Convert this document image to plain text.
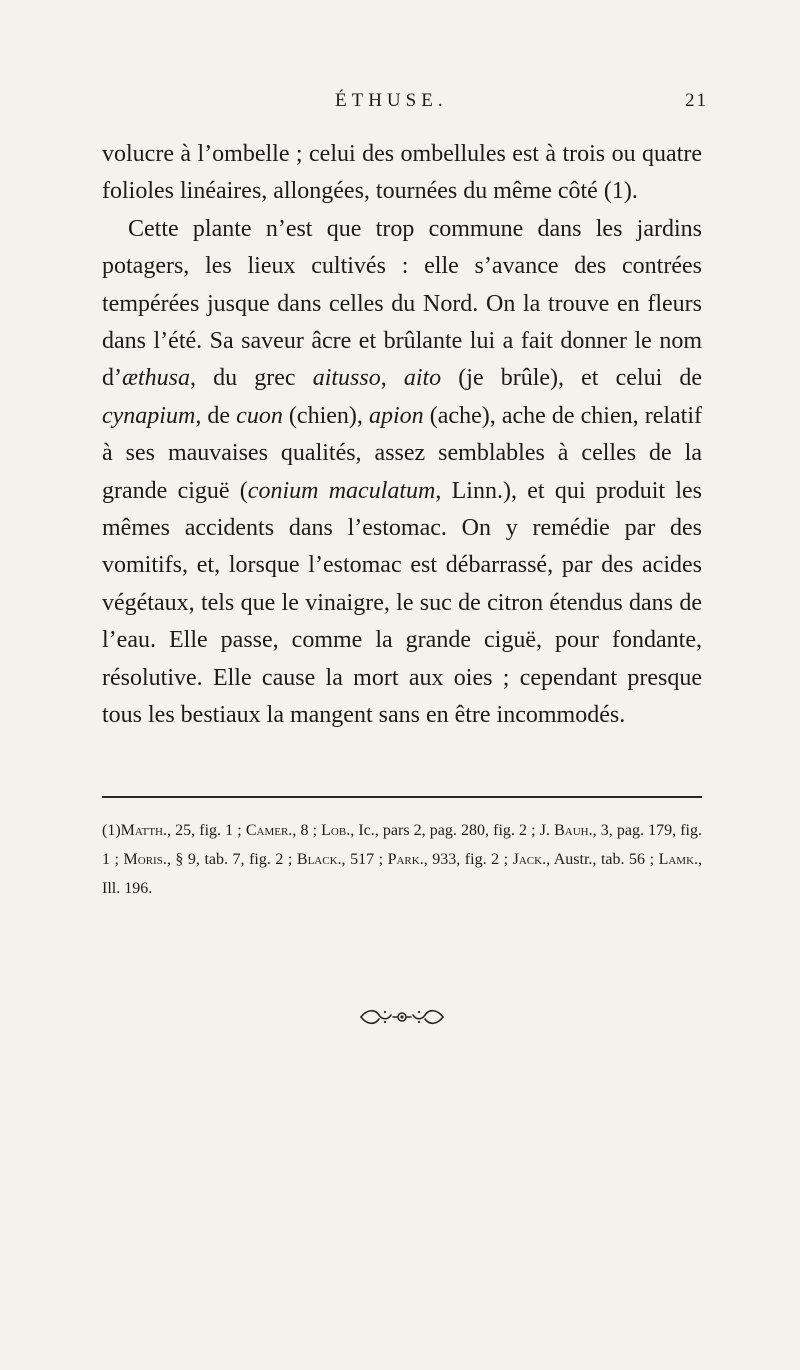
ÉTHUSE.	21

volucre à l’ombelle ; celui des ombellules est à trois ou quatre folioles linéaires, allongées, tournées du même côté (1).

Cette plante n’est que trop commune dans les jardins potagers, les lieux cultivés : elle s’avance des contrées tempérées jusque dans celles du Nord. On la trouve en fleurs dans l’été. Sa saveur âcre et brûlante lui a fait donner le nom d’æthusa, du grec aitusso, aito (je brûle), et celui de cynapium, de cuon (chien), apion (ache), ache de chien, relatif à ses mauvaises qualités, assez semblables à celles de la grande ciguë (conium maculatum, Linn.), et qui produit les mêmes accidents dans l’estomac. On y remédie par des vomitifs, et, lorsque l’estomac est débarrassé, par des acides végétaux, tels que le vinaigre, le suc de citron étendus dans de l’eau. Elle passe, comme la grande ciguë, pour fondante, résolutive. Elle cause la mort aux oies ; cependant presque tous les bestiaux la mangent sans en être incommodés.

(1)Matth., 25, fig. 1 ; Camer., 8 ; Lob., Ic., pars 2, pag. 280, fig. 2 ; J. Bauh., 3, pag. 179, fig. 1 ; Moris., § 9, tab. 7, fig. 2 ; Black., 517 ; Park., 933, fig. 2 ; Jack., Austr., tab. 56 ; Lamk., Ill. 196.
